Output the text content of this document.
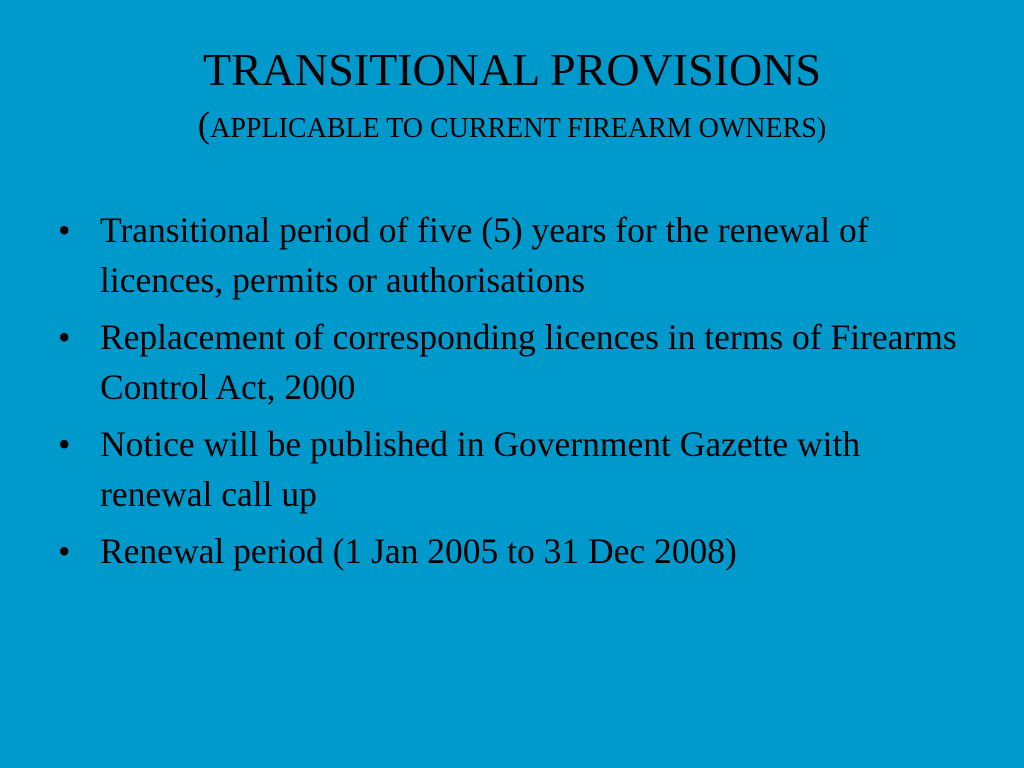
TRANSITIONAL PROVISIONS
(APPLICABLE TO CURRENT FIREARM OWNERS)
• Transitional period of five (5) years for the renewal of licences, permits or authorisations
• Replacement of corresponding licences in terms of Firearms Control Act, 2000
• Notice will be published in Government Gazette with renewal call up
• Renewal period (1 Jan 2005 to 31 Dec 2008)
